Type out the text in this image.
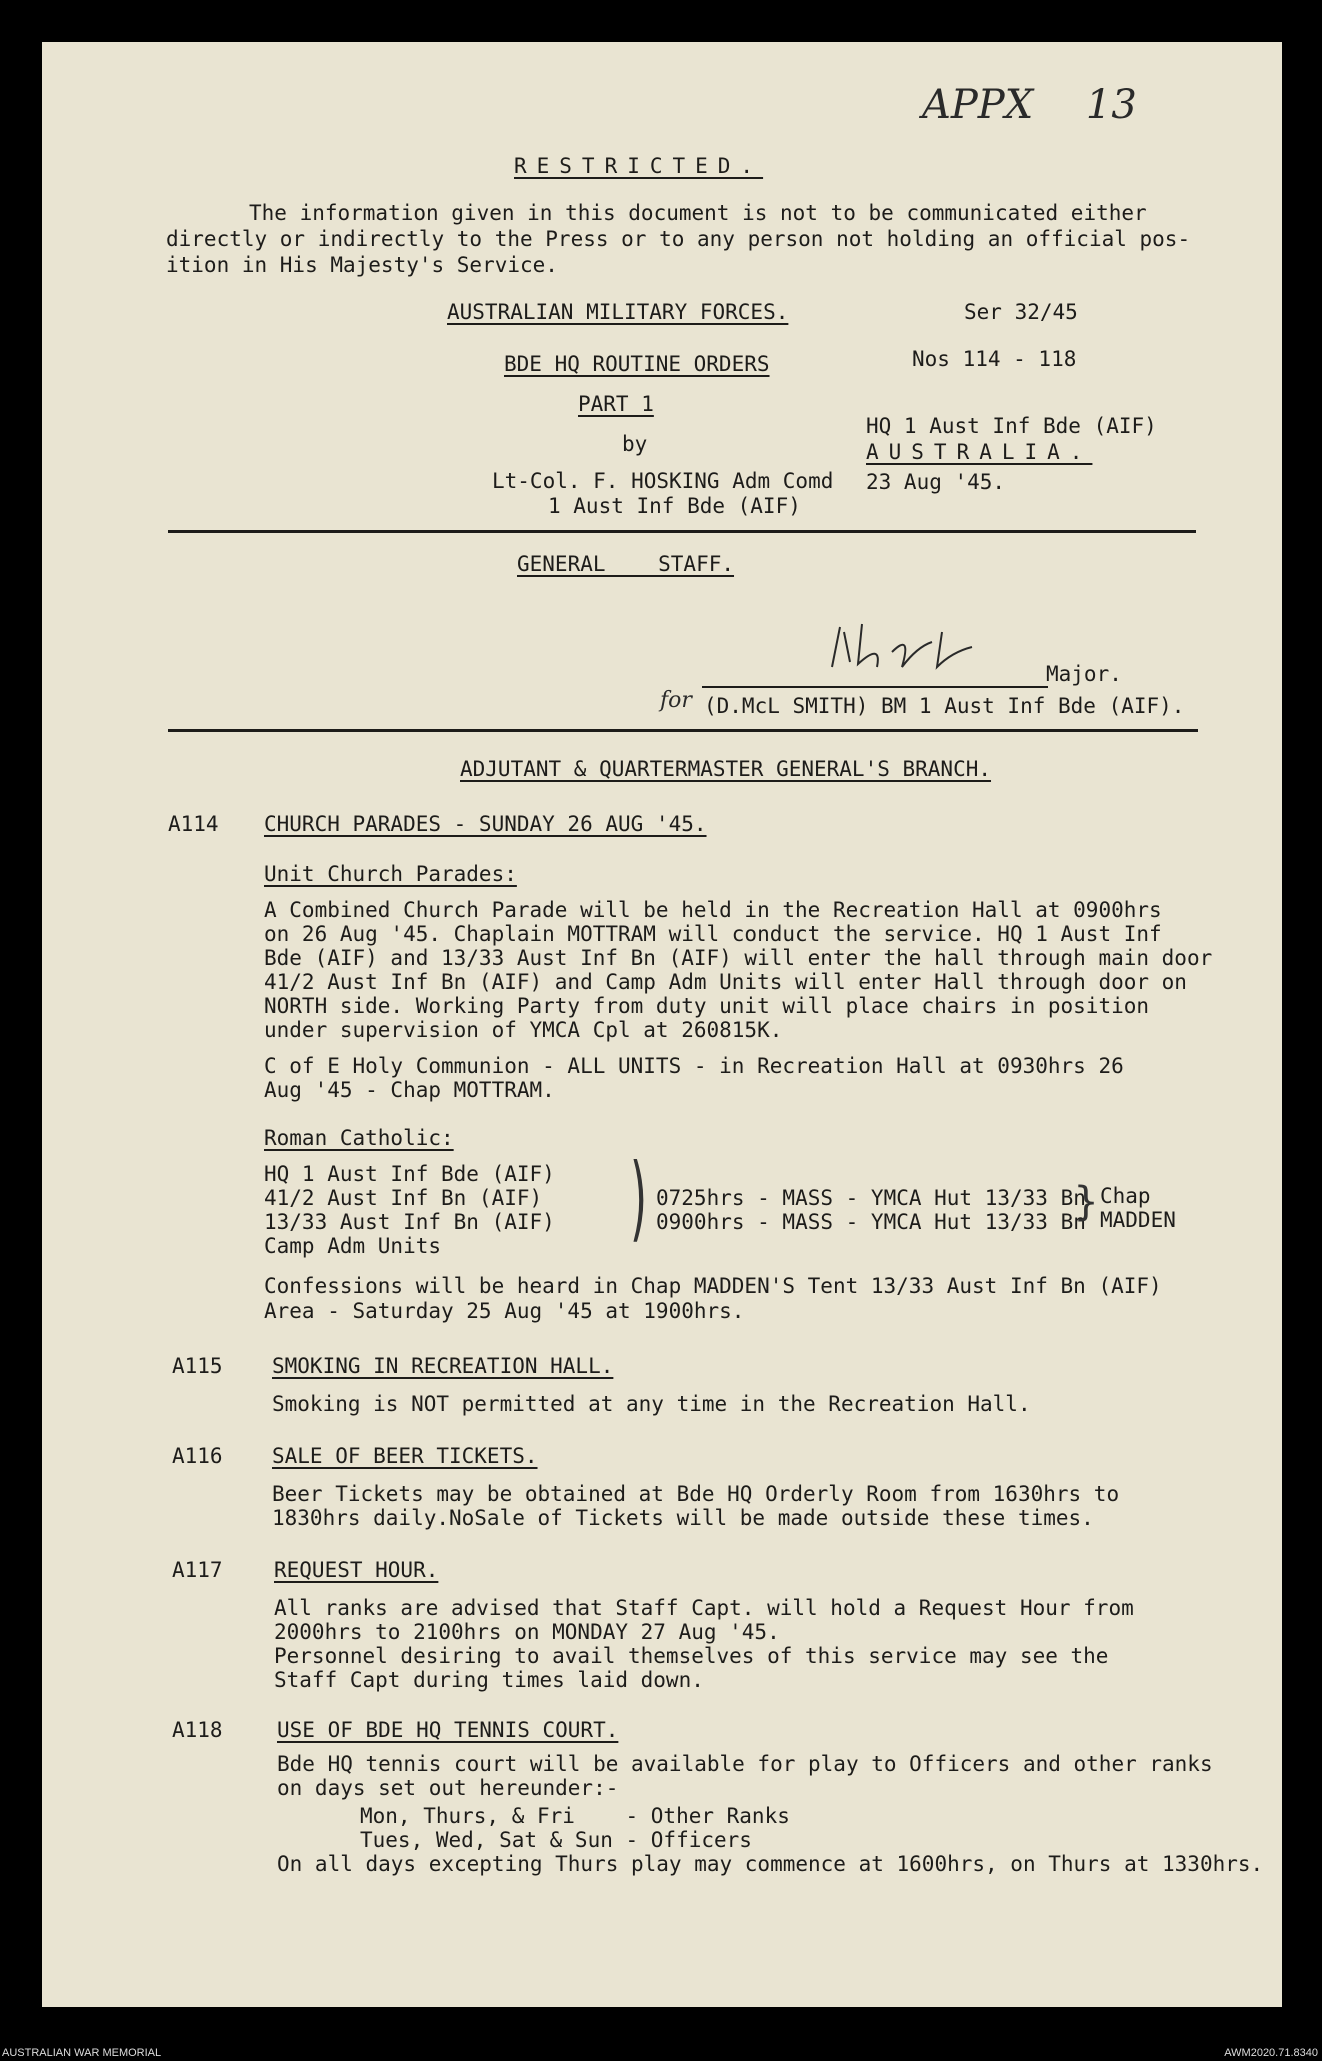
APPX 13
RESTRICTED.
The information given in this document is not to be communicated either
directly or indirectly to the Press or to any person not holding an official pos-
ition in His Majesty's Service.
AUSTRALIAN MILITARY FORCES.	Ser 32/45
BDE HQ ROUTINE ORDERS	Nos 114 - 118
PART 1
by
Lt-Col. F. HOSKING Adm Comd
1 Aust Inf Bde (AIF)
HQ 1 Aust Inf Bde (AIF)
AUSTRALIA.
23 Aug '45.
GENERAL STAFF.
Major.
for (D.McL SMITH) BM 1 Aust Inf Bde (AIF).
ADJUTANT & QUARTERMASTER GENERAL'S BRANCH.
A114 CHURCH PARADES - SUNDAY 26 AUG '45.
Unit Church Parades:
A Combined Church Parade will be held in the Recreation Hall at 0900hrs
on 26 Aug '45. Chaplain MOTTRAM will conduct the service. HQ 1 Aust Inf
Bde (AIF) and 13/33 Aust Inf Bn (AIF) will enter the hall through main door
41/2 Aust Inf Bn (AIF) and Camp Adm Units will enter Hall through door on
NORTH side. Working Party from duty unit will place chairs in position
under supervision of YMCA Cpl at 260815K.
C of E Holy Communion - ALL UNITS - in Recreation Hall at 0930hrs 26
Aug '45 - Chap MOTTRAM.
Roman Catholic:
HQ 1 Aust Inf Bde (AIF)
41/2 Aust Inf Bn (AIF)
13/33 Aust Inf Bn (AIF)
Camp Adm Units	) 0725hrs - MASS - YMCA Hut 13/33 Bn
0900hrs - MASS - YMCA Hut 13/33 Bn
} Chap
MADDEN
Confessions will be heard in Chap MADDEN'S Tent 13/33 Aust Inf Bn (AIF)
Area - Saturday 25 Aug '45 at 1900hrs.
A115 SMOKING IN RECREATION HALL.
Smoking is NOT permitted at any time in the Recreation Hall.
A116 SALE OF BEER TICKETS.
Beer Tickets may be obtained at Bde HQ Orderly Room from 1630hrs to
1830hrs daily.NoSale of Tickets will be made outside these times.
A117 REQUEST HOUR.
All ranks are advised that Staff Capt. will hold a Request Hour from
2000hrs to 2100hrs on MONDAY 27 Aug '45.
Personnel desiring to avail themselves of this service may see the
Staff Capt during times laid down.
A118	USE OF BDE HQ TENNIS COURT.
Bde HQ tennis court will be available for play to Officers and other ranks
on days set out hereunder:-
Mon, Thurs, & Fri    - Other Ranks
Tues, Wed, Sat & Sun - Officers
On all days excepting Thurs play may commence at 1600hrs, on Thurs at 1330hrs.
AUSTRALIAN WAR MEMORIAL	AWM2020.71.8340
